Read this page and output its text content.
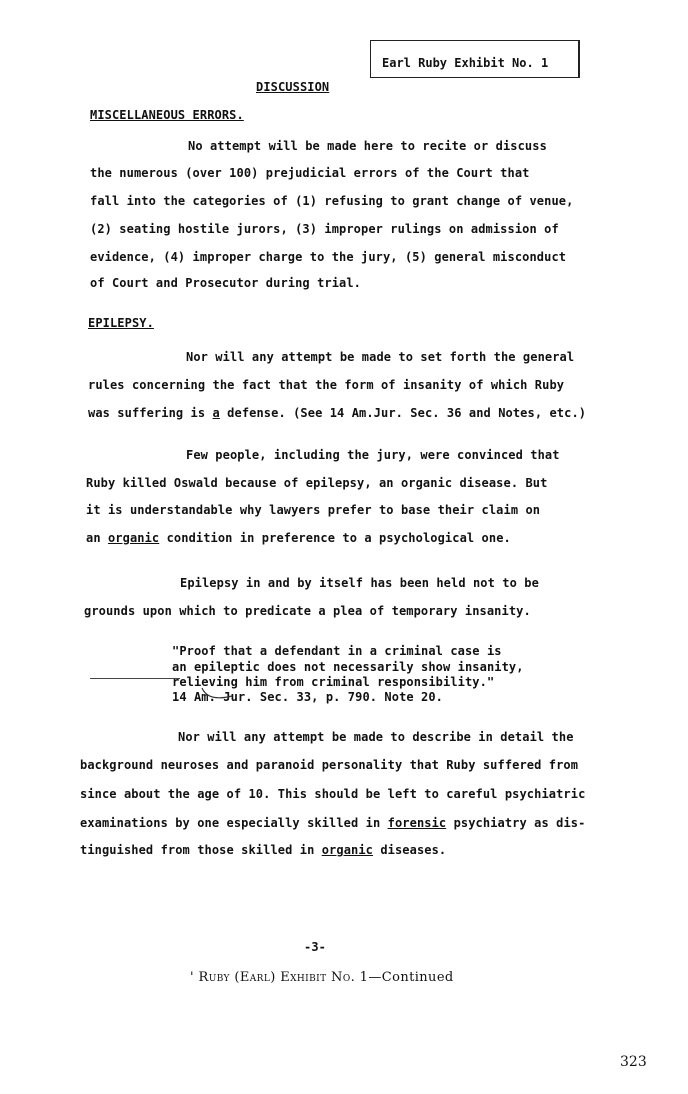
Earl Ruby Exhibit No. 1
DISCUSSION
MISCELLANEOUS ERRORS.
No attempt will be made here to recite or discuss
the numerous (over 100) prejudicial errors of the Court that
fall into the categories of (1) refusing to grant change of venue,
(2) seating hostile jurors, (3) improper rulings on admission of
evidence, (4) improper charge to the jury, (5) general misconduct
of Court and Prosecutor during trial.
EPILEPSY.
Nor will any attempt be made to set forth the general
rules concerning the fact that the form of insanity of which Ruby
was suffering is a defense. (See 14 Am.Jur. Sec. 36 and Notes, etc.)
Few people, including the jury, were convinced that
Ruby killed Oswald because of epilepsy, an organic disease. But
it is understandable why lawyers prefer to base their claim on
an organic condition in preference to a psychological one.
Epilepsy in and by itself has been held not to be
grounds upon which to predicate a plea of temporary insanity.
"Proof that a defendant in a criminal case is
an epileptic does not necessarily show insanity,
relieving him from criminal responsibility."
14 Am. Jur. Sec. 33, p. 790. Note 20.
Nor will any attempt be made to describe in detail the
background neuroses and paranoid personality that Ruby suffered from
since about the age of 10. This should be left to careful psychiatric
examinations by one especially skilled in forensic psychiatry as dis-
tinguished from those skilled in organic diseases.
-3-
' Ruby (Earl) Exhibit No. 1—Continued
323
